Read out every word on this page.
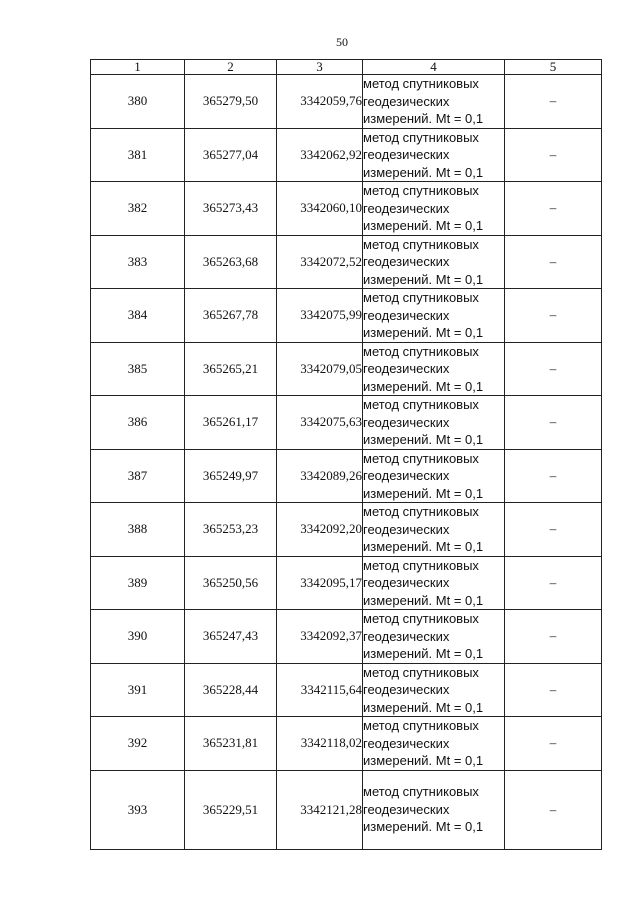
50
1	2	3	4	5
380	365279,50	3342059,76	метод спутниковых
геодезических
измерений. Mt = 0,1	–
381	365277,04	3342062,92	метод спутниковых
геодезических
измерений. Mt = 0,1	–
382	365273,43	3342060,10	метод спутниковых
геодезических
измерений. Mt = 0,1	–
383	365263,68	3342072,52	метод спутниковых
геодезических
измерений. Mt = 0,1	–
384	365267,78	3342075,99	метод спутниковых
геодезических
измерений. Mt = 0,1	–
385	365265,21	3342079,05	метод спутниковых
геодезических
измерений. Mt = 0,1	–
386	365261,17	3342075,63	метод спутниковых
геодезических
измерений. Mt = 0,1	–
387	365249,97	3342089,26	метод спутниковых
геодезических
измерений. Mt = 0,1	–
388	365253,23	3342092,20	метод спутниковых
геодезических
измерений. Mt = 0,1	–
389	365250,56	3342095,17	метод спутниковых
геодезических
измерений. Mt = 0,1	–
390	365247,43	3342092,37	метод спутниковых
геодезических
измерений. Mt = 0,1	–
391	365228,44	3342115,64	метод спутниковых
геодезических
измерений. Mt = 0,1	–
392	365231,81	3342118,02	метод спутниковых
геодезических
измерений. Mt = 0,1	–
393	365229,51	3342121,28	метод спутниковых
геодезических
измерений. Mt = 0,1	–
